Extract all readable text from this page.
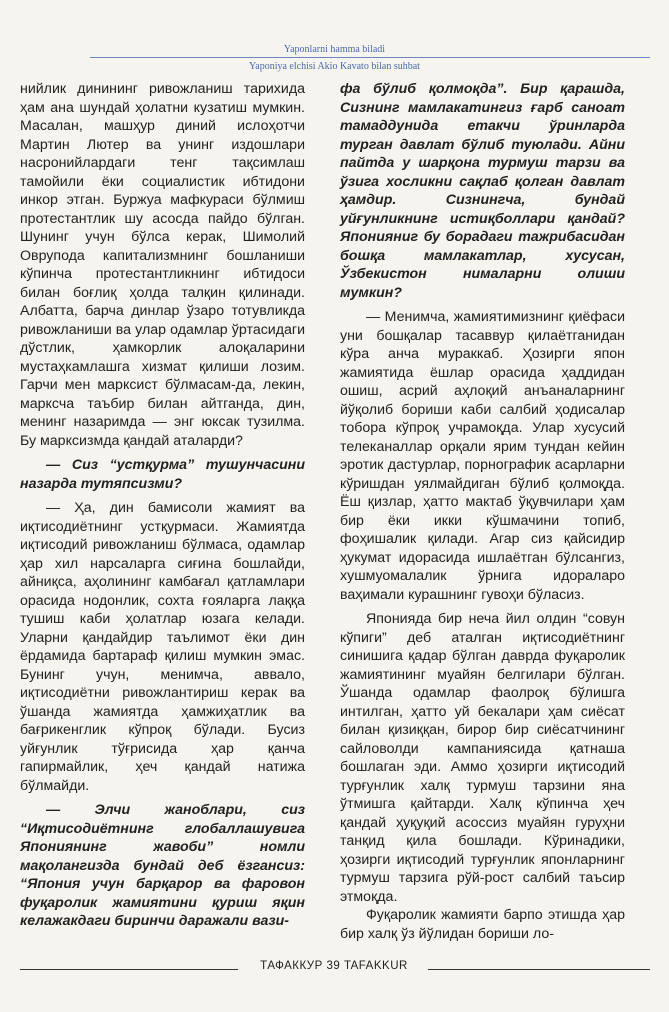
Yaponlarni hamma biladi
Yaponiya elchisi Akio Kavato bilan suhbat

нийлик динининг ривожланиш тарихида ҳам ана шундай ҳолатни кузатиш мумкин. Масалан, машҳур диний ислоҳотчи Мартин Лютер ва унинг издошлари насронийлардаги тенг тақсимлаш тамойили ёки социалистик ибтидони инкор этган. Буржуа мафкураси бўлмиш протестантлик шу асосда пайдо бўлган. Шунинг учун бўлса керак, Шимолий Оврупода капитализмнинг бошланиши кўпинча протестантликнинг ибтидоси билан боғлиқ ҳолда талқин қилинади. Албатта, барча динлар ўзаро тотувликда ривожланиши ва улар одамлар ўртасидаги дўстлик, ҳамкорлик алоқаларини мустаҳкамлашга хизмат қилиши лозим. Гарчи мен марксист бўлмасам-да, лекин, марксча таъбир билан айтганда, дин, менинг назаримда — энг юксак тузилма. Бу марксизмда қандай аталарди?

— Сиз “устқурма” тушунчасини назарда тутяпсизми?

— Ҳа, дин бамисоли жамият ва иқтисодиётнинг устқурмаси. Жамиятда иқтисодий ривожланиш бўлмаса, одамлар ҳар хил нарсаларга сиғина бошлайди, айниқса, аҳолининг камбағал қатламлари орасида нодонлик, сохта ғояларга лаққа тушиш каби ҳолатлар юзага келади. Уларни қандайдир таълимот ёки дин ёрдамида бартараф қилиш мумкин эмас. Бунинг учун, менимча, аввало, иқтисодиётни ривожлантириш керак ва ўшанда жамиятда ҳамжиҳатлик ва бағрикенглик кўпроқ бўлади. Бусиз уйғунлик тўғрисида ҳар қанча гапирмайлик, ҳеч қандай натижа бўлмайди.

— Элчи жаноблари, сиз “Иқтисодиётнинг глобаллашувига Япониянинг жавоби” номли мақолангизда бундай деб ёзгансиз: “Япония учун барқарор ва фаровон фуқаролик жамиятини қуриш яқин келажакдаги биринчи даражали вази-

фа бўлиб қолмоқда”. Бир қарашда, Сизнинг мамлакатингиз ғарб саноат тамаддунида етакчи ўринларда турган давлат бўлиб туюлади. Айни пайтда у шарқона турмуш тарзи ва ўзига хосликни сақлаб қолган давлат ҳамдир. Сизнингча, бундай уйғунликнинг истиқболлари қандай? Японияниг бу борадаги тажрибасидан бошқа мамлакатлар, хусусан, Ўзбекистон нималарни олиши мумкин?

— Менимча, жамиятимизнинг қиёфаси уни бошқалар тасаввур қилаётганидан кўра анча мураккаб. Ҳозирги япон жамиятида ёшлар орасида ҳаддидан ошиш, асрий аҳлоқий анъаналарнинг йўқолиб бориши каби салбий ҳодисалар тобора кўпроқ учрамоқда. Улар хусусий телеканаллар орқали ярим тундан кейин эротик дастурлар, порнографик асарларни кўришдан уялмайдиган бўлиб қолмоқда. Ёш қизлар, ҳатто мактаб ўқувчилари ҳам бир ёки икки кўшмачини топиб, фоҳишалик қилади. Агар сиз қайсидир ҳукумат идорасида ишлаётган бўлсангиз, хушмуомалалик ўрнига идораларо ваҳимали курашнинг гувоҳи бўласиз.

Японияда бир неча йил олдин “совун кўпиги” деб аталган иқтисодиётнинг синишига қадар бўлган даврда фуқаролик жамиятининг муайян белгилари бўлган. Ўшанда одамлар фаолроқ бўлишга интилган, ҳатто уй бекалари ҳам сиёсат билан қизиққан, бирор бир сиёсатчининг сайловолди кампаниясида қатнаша бошлаган эди. Аммо ҳозирги иқтисодий турғунлик халқ турмуш тарзини яна ўтмишга қайтарди. Халқ кўпинча ҳеч қандай ҳуқуқий асоссиз муайян гуруҳни танқид қила бошлади. Кўринадики, ҳозирги иқтисодий турғунлик японларнинг турмуш тарзига рўй-рост салбий таъсир этмоқда.

Фуқаролик жамияти барпо этишда ҳар бир халқ ўз йўлидан бориши ло-

ТАФАККУР 39 TAFAKKUR
